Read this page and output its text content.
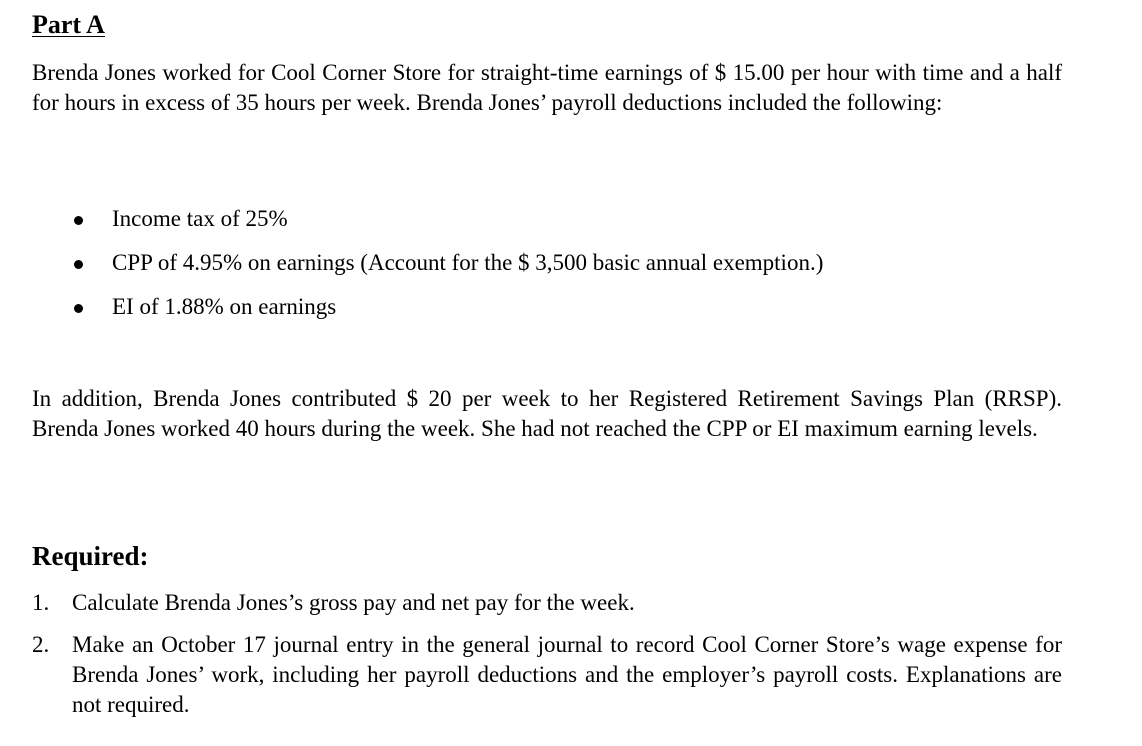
Part A

Brenda Jones worked for Cool Corner Store for straight-time earnings of $ 15.00 per hour with time and a half for hours in excess of 35 hours per week. Brenda Jones’ payroll deductions included the following:

Income tax of 25%
CPP of 4.95% on earnings (Account for the $ 3,500 basic annual exemption.)
EI of 1.88% on earnings

In addition, Brenda Jones contributed $ 20 per week to her Registered Retirement Savings Plan (RRSP). Brenda Jones worked 40 hours during the week. She had not reached the CPP or EI maximum earning levels.

Required:
1. Calculate Brenda Jones’s gross pay and net pay for the week.
2. Make an October 17 journal entry in the general journal to record Cool Corner Store’s wage expense for Brenda Jones’ work, including her payroll deductions and the employer’s payroll costs. Explanations are not required.
